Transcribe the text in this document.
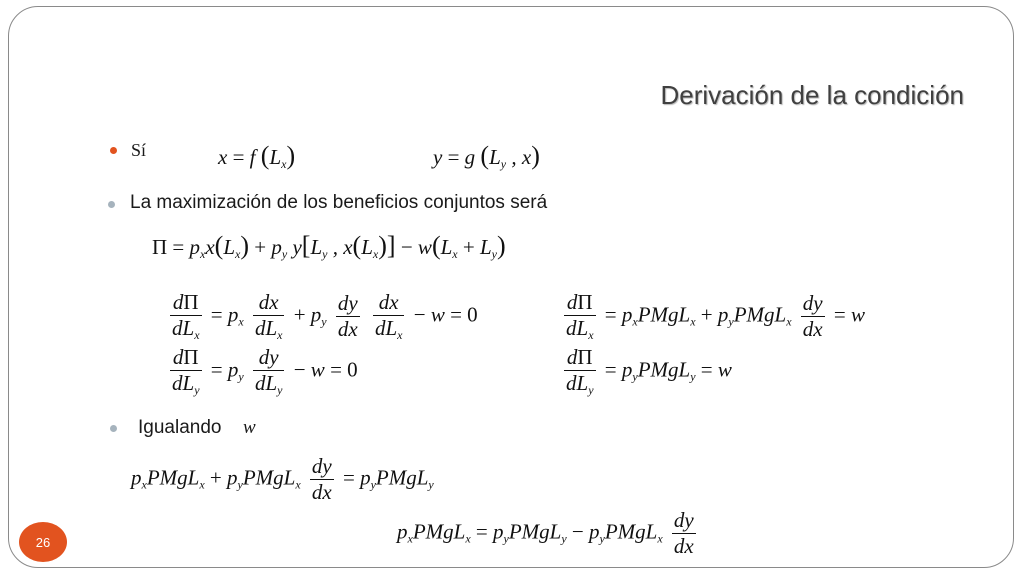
Derivación de la condición
Sí	x = f $(L_x)$	y = g ($L_y$ , x)
La maximización de los beneficios conjuntos será
$\Pi = p_xx(L_x) + p_y$ $y[L_y$ , $x(L_x)] - w(L_x + L_y)$
$\frac{d\Pi}{dL_x} = p_x \frac{dx}{dL_x} + p_y \frac{dy}{dx}$
$\frac{dx}{dL_x} - w = 0$	$\frac{d\Pi}{dL_x}$ = $p_xPMgL_x$ + $p_yPMgL_x \frac{dy}{dx} = w$
$\frac{d\Pi}{dL_y} = p_y \frac{dy}{dL_y} - w = 0$	$\frac{d\Pi}{dL_y}$ = $p_yPMgL_y = w$
Igualando w
$p_xPMgL_x$ + $p_yPMgL_x \frac{dy}{dx}$ = $p_yPMgL_y$
$p_xPMgL_x$ = $p_yPMgL_y$ − $p_yPMgL_x \frac{dy}{dx}$
26
